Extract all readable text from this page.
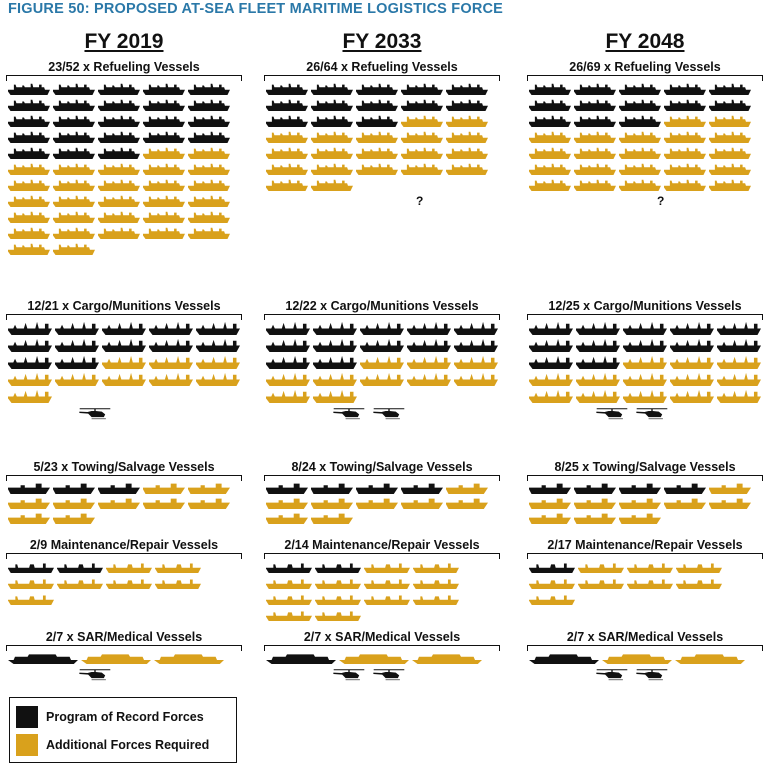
FIGURE 50: PROPOSED AT-SEA FLEET MARITIME LOGISTICS FORCE
FY 2019
23/52 x Refueling Vessels
12/21 x Cargo/Munitions Vessels
5/23 x Towing/Salvage Vessels
2/9 Maintenance/Repair Vessels
2/7 x SAR/Medical Vessels
FY 2033
26/64 x Refueling Vessels
?
12/22 x Cargo/Munitions Vessels
8/24 x Towing/Salvage Vessels
2/14 Maintenance/Repair Vessels
2/7 x SAR/Medical Vessels
FY 2048
26/69 x Refueling Vessels
?
12/25 x Cargo/Munitions Vessels
8/25 x Towing/Salvage Vessels
2/17 Maintenance/Repair Vessels
2/7 x SAR/Medical Vessels
Program of Record Forces
Additional Forces Required
